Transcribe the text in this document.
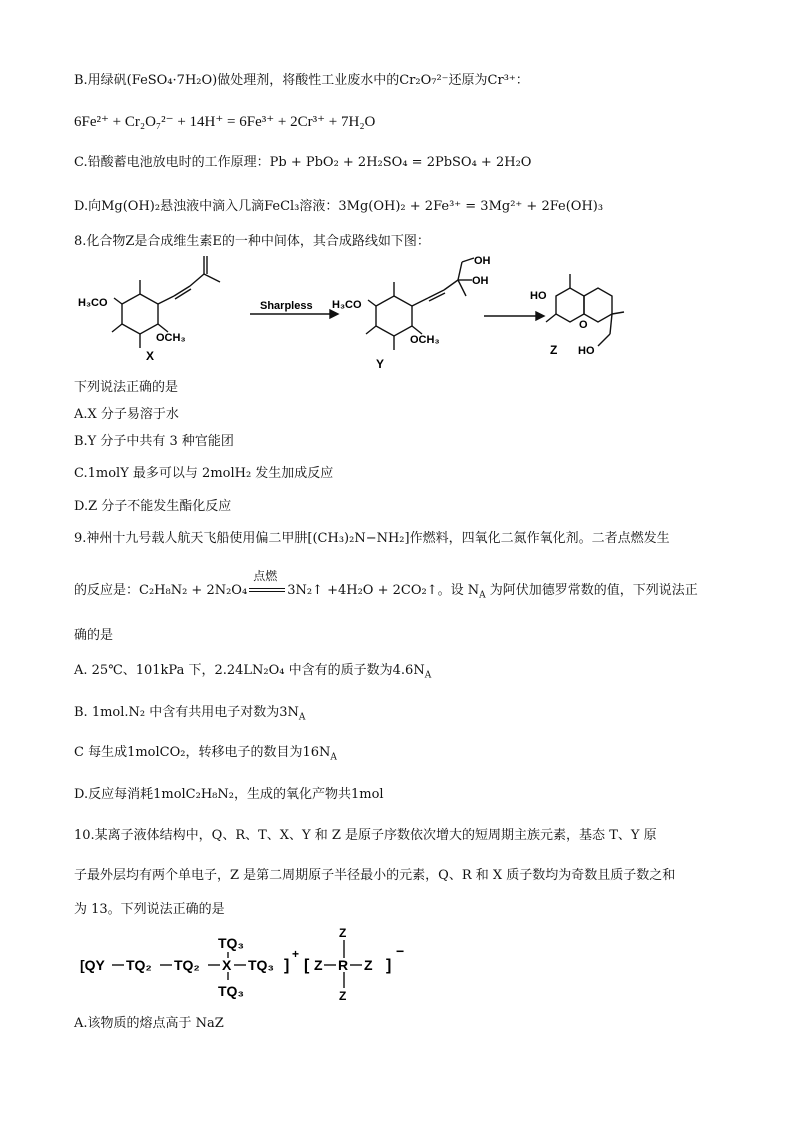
B.用绿矾(FeSO₄·7H₂O)做处理剂，将酸性工业废水中的Cr₂O₇²⁻还原为Cr³⁺：
6Fe²⁺ + Cr₂O₇²⁻ + 14H⁺ = 6Fe³⁺ + 2Cr³⁺ + 7H₂O
C.铅酸蓄电池放电时的工作原理：Pb + PbO₂ + 2H₂SO₄ = 2PbSO₄ + 2H₂O
D.向Mg(OH)₂悬浊液中滴入几滴FeCl₃溶液：3Mg(OH)₂ + 2Fe³⁺ = 3Mg²⁺ + 2Fe(OH)₃
8.化合物Z是合成维生素E的一种中间体，其合成路线如下图：
H₃CO
OCH₃
X
Sharpless H₃CO
OCH₃
OH
OH
Y
HO
O
HO
Z
下列说法正确的是
A.X 分子易溶于水
B.Y 分子中共有 3 种官能团
C.1molY 最多可以与 2molH₂ 发生加成反应
D.Z 分子不能发生酯化反应
9.神州十九号载人航天飞船使用偏二甲肼[(CH₃)₂N−NH₂]作燃料，四氧化二氮作氧化剂。二者点燃发生
的反应是：C₂H₈N₂ + 2N₂O₄
点燃
3N₂↑ +4H₂O + 2CO₂↑。设 $N_A$ 为阿伏加德罗常数的值，下列说法正
确的是
A. 25℃、101kPa 下，2.24LN₂O₄ 中含有的质子数为$4.6N_A$
B. 1mol.N₂ 中含有共用电子对数为$3N_A$
C 每生成1molCO₂，转移电子的数目为$16N_A$
D.反应每消耗1molC₂H₈N₂，生成的氧化产物共1mol
10.某离子液体结构中，Q、R、T、X、Y 和 Z 是原子序数依次增大的短周期主族元素，基态 T、Y 原
子最外层均有两个单电子，Z 是第二周期原子半径最小的元素，Q、R 和 X 质子数均为奇数且质子数之和
为 13。下列说法正确的是
[QY TQ₂ TQ₂ X TQ₃
TQ₃
TQ₃
]
+
[ Z R Z
Z
Z
]
−
A.该物质的熔点高于 NaZ
